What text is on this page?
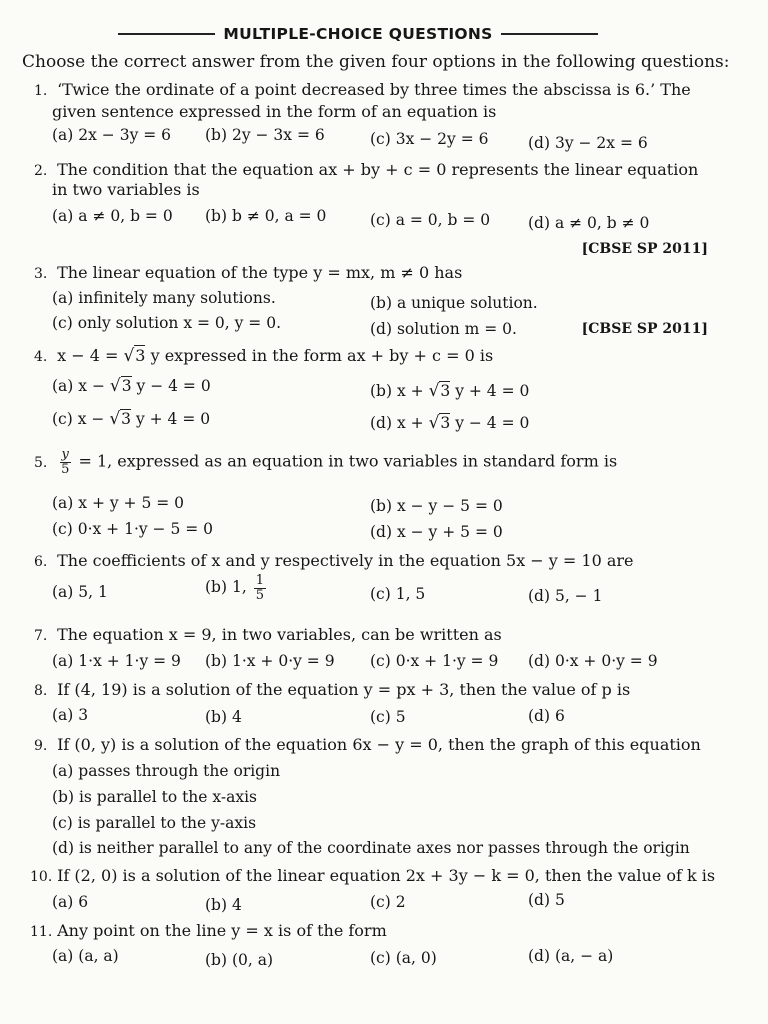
MULTIPLE-CHOICE QUESTIONS
Choose the correct answer from the given four options in the following questions:
1. ‘Twice the ordinate of a point decreased by three times the abscissa is 6.’ The
given sentence expressed in the form of an equation is
(a) 2x − 3y = 6 (b) 2y − 3x = 6	(c) 3x − 2y = 6	(d) 3y − 2x = 6
2. The condition that the equation ax + by + c = 0 represents the linear equation
in two variables is
(a) a ≠ 0, b = 0 (b) b ≠ 0, a = 0	(c) a = 0, b = 0 (d) a ≠ 0, b ≠ 0
[CBSE SP 2011]
3. The linear equation of the type y = mx, m ≠ 0 has
(a) infinitely many solutions.	(b) a unique solution.
(c) only solution x = 0, y = 0.	(d) solution m = 0.	[CBSE SP 2011]
4. x − 4 = √3 y expressed in the form ax + by + c = 0 is
(a) x − √3 y − 4 = 0	(b) x + √3 y + 4 = 0
(c) x − √3 y + 4 = 0	(d) x + √3 y − 4 = 0
5. $\frac{y}{5} = 1$, expressed as an equation in two variables in standard form is
(a) x + y + 5 = 0	(b) x − y − 5 = 0
(c) 0·x + 1·y − 5 = 0	(d) x − y + 5 = 0
6. The coefficients of x and y respectively in the equation 5x − y = 10 are
(a) 5, 1	(b) 1, $\frac{1}{5}$	(c) 1, 5	(d) 5, − 1
7. The equation x = 9, in two variables, can be written as
(a) 1·x + 1·y = 9 (b) 1·x + 0·y = 9 (c) 0·x + 1·y = 9 (d) 0·x + 0·y = 9
8. If (4, 19) is a solution of the equation y = px + 3, then the value of p is
(a) 3	(b) 4	(c) 5	(d) 6
9. If (0, y) is a solution of the equation 6x − y = 0, then the graph of this equation
(a) passes through the origin
(b) is parallel to the x-axis
(c) is parallel to the y-axis
(d) is neither parallel to any of the coordinate axes nor passes through the origin
10. If (2, 0) is a solution of the linear equation 2x + 3y − k = 0, then the value of k is
(a) 6	(b) 4	(c) 2	(d) 5
11. Any point on the line y = x is of the form
(a) (a, a)	(b) (0, a)	(c) (a, 0)	(d) (a, − a)
